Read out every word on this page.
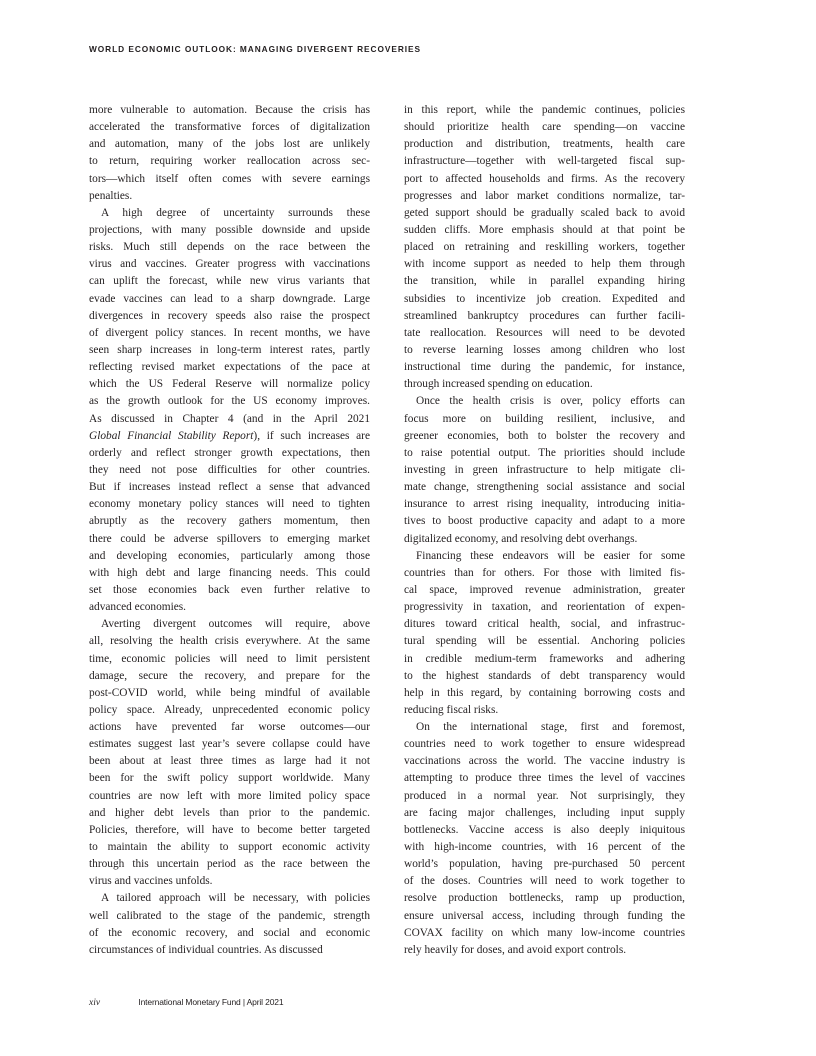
WORLD ECONOMIC OUTLOOK: MANAGING DIVERGENT RECOVERIES
more vulnerable to automation. Because the crisis has
accelerated the transformative forces of digitalization
and automation, many of the jobs lost are unlikely
to return, requiring worker reallocation across sec-
tors—which itself often comes with severe earnings
penalties.
A high degree of uncertainty surrounds these
projections, with many possible downside and upside
risks. Much still depends on the race between the
virus and vaccines. Greater progress with vaccinations
can uplift the forecast, while new virus variants that
evade vaccines can lead to a sharp downgrade. Large
divergences in recovery speeds also raise the prospect
of divergent policy stances. In recent months, we have
seen sharp increases in long-term interest rates, partly
reflecting revised market expectations of the pace at
which the US Federal Reserve will normalize policy
as the growth outlook for the US economy improves.
As discussed in Chapter 4 (and in the April 2021
Global Financial Stability Report), if such increases are
orderly and reflect stronger growth expectations, then
they need not pose difficulties for other countries.
But if increases instead reflect a sense that advanced
economy monetary policy stances will need to tighten
abruptly as the recovery gathers momentum, then
there could be adverse spillovers to emerging market
and developing economies, particularly among those
with high debt and large financing needs. This could
set those economies back even further relative to
advanced economies.
Averting divergent outcomes will require, above
all, resolving the health crisis everywhere. At the same
time, economic policies will need to limit persistent
damage, secure the recovery, and prepare for the
post-COVID world, while being mindful of available
policy space. Already, unprecedented economic policy
actions have prevented far worse outcomes—our
estimates suggest last year’s severe collapse could have
been about at least three times as large had it not
been for the swift policy support worldwide. Many
countries are now left with more limited policy space
and higher debt levels than prior to the pandemic.
Policies, therefore, will have to become better targeted
to maintain the ability to support economic activity
through this uncertain period as the race between the
virus and vaccines unfolds.
A tailored approach will be necessary, with policies
well calibrated to the stage of the pandemic, strength
of the economic recovery, and social and economic
circumstances of individual countries. As discussed
in this report, while the pandemic continues, policies
should prioritize health care spending—on vaccine
production and distribution, treatments, health care
infrastructure—together with well-targeted fiscal sup-
port to affected households and firms. As the recovery
progresses and labor market conditions normalize, tar-
geted support should be gradually scaled back to avoid
sudden cliffs. More emphasis should at that point be
placed on retraining and reskilling workers, together
with income support as needed to help them through
the transition, while in parallel expanding hiring
subsidies to incentivize job creation. Expedited and
streamlined bankruptcy procedures can further facili-
tate reallocation. Resources will need to be devoted
to reverse learning losses among children who lost
instructional time during the pandemic, for instance,
through increased spending on education.
Once the health crisis is over, policy efforts can
focus more on building resilient, inclusive, and
greener economies, both to bolster the recovery and
to raise potential output. The priorities should include
investing in green infrastructure to help mitigate cli-
mate change, strengthening social assistance and social
insurance to arrest rising inequality, introducing initia-
tives to boost productive capacity and adapt to a more
digitalized economy, and resolving debt overhangs.
Financing these endeavors will be easier for some
countries than for others. For those with limited fis-
cal space, improved revenue administration, greater
progressivity in taxation, and reorientation of expen-
ditures toward critical health, social, and infrastruc-
tural spending will be essential. Anchoring policies
in credible medium-term frameworks and adhering
to the highest standards of debt transparency would
help in this regard, by containing borrowing costs and
reducing fiscal risks.
On the international stage, first and foremost,
countries need to work together to ensure widespread
vaccinations across the world. The vaccine industry is
attempting to produce three times the level of vaccines
produced in a normal year. Not surprisingly, they
are facing major challenges, including input supply
bottlenecks. Vaccine access is also deeply iniquitous
with high-income countries, with 16 percent of the
world’s population, having pre-purchased 50 percent
of the doses. Countries will need to work together to
resolve production bottlenecks, ramp up production,
ensure universal access, including through funding the
COVAX facility on which many low-income countries
rely heavily for doses, and avoid export controls.
xiv	International Monetary Fund | April 2021
